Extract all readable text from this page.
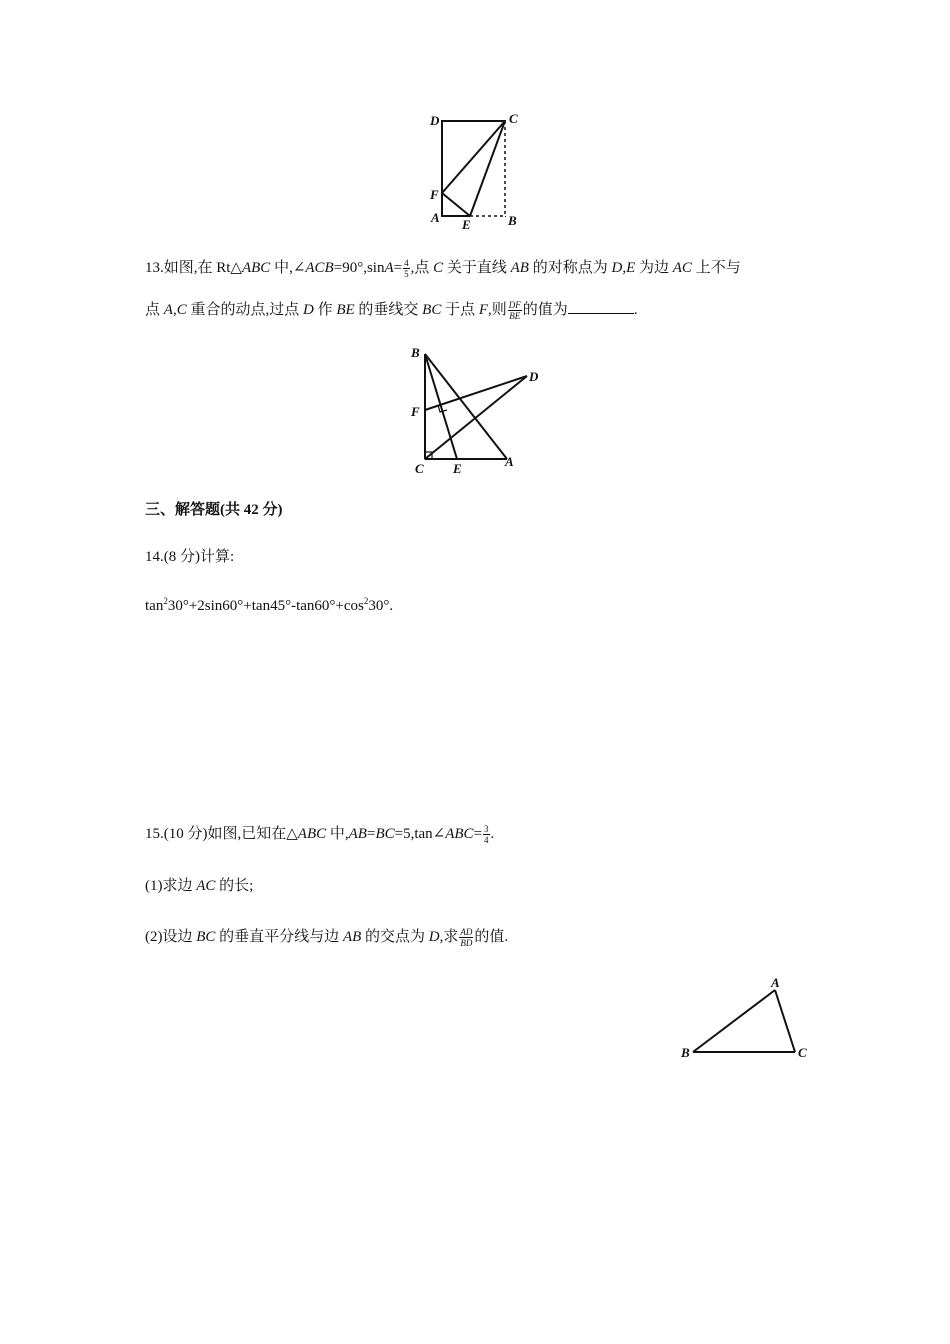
D	C
F
A E	B
13.如图,在 Rt△ABC 中,∠ACB=90°,sinA= $\frac{4}{5}$ ,点 C 关于直线 AB 的对称点为 D,E 为边 AC 上不与
点 A,C 重合的动点,过点 D 作 BE 的垂线交 BC 于点 F,则 $\frac{DF}{BE}$ 的值为	.
B
D
F
C E	A
三、解答题(共 42 分)
14.(8 分)计算:
$\tan^230^\circ+2\sin 60^\circ+\tan 45^\circ-\tan 60^\circ+\cos^230^\circ$.
15.(10 分)如图,已知在△ABC 中,AB=BC=5,tan∠ABC= $\frac{3}{4}$ .
(1)求边 AC 的长;
(2)设边 BC 的垂直平分线与边 AB 的交点为 D,求 $\frac{AD}{BD}$ 的值.
A
B	C
